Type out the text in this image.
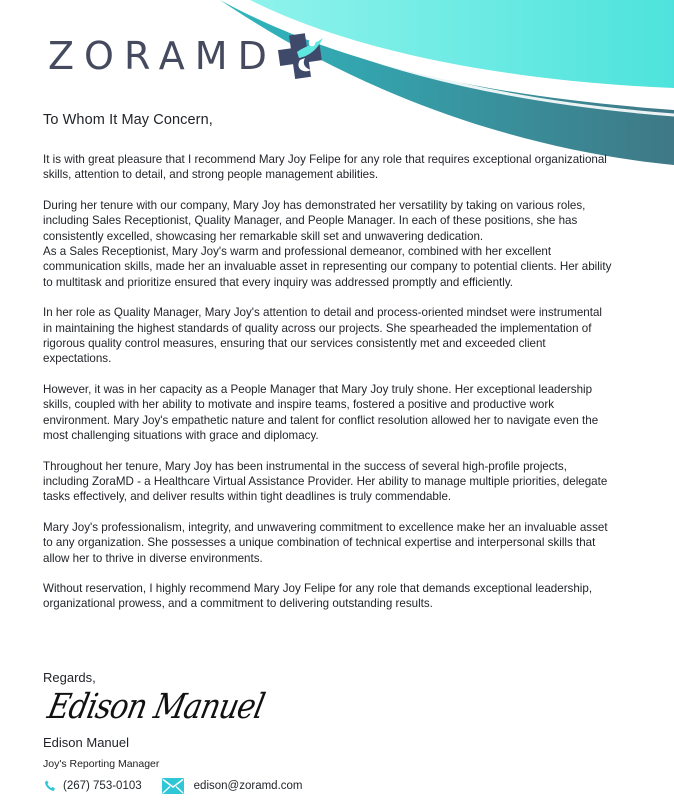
ZORAMD

To Whom It May Concern,

It is with great pleasure that I recommend Mary Joy Felipe for any role that requires exceptional organizational skills, attention to detail, and strong people management abilities.

During her tenure with our company, Mary Joy has demonstrated her versatility by taking on various roles, including Sales Receptionist, Quality Manager, and People Manager. In each of these positions, she has consistently excelled, showcasing her remarkable skill set and unwavering dedication.

As a Sales Receptionist, Mary Joy's warm and professional demeanor, combined with her excellent communication skills, made her an invaluable asset in representing our company to potential clients. Her ability to multitask and prioritize ensured that every inquiry was addressed promptly and efficiently.

In her role as Quality Manager, Mary Joy's attention to detail and process-oriented mindset were instrumental in maintaining the highest standards of quality across our projects. She spearheaded the implementation of rigorous quality control measures, ensuring that our services consistently met and exceeded client expectations.

However, it was in her capacity as a People Manager that Mary Joy truly shone. Her exceptional leadership skills, coupled with her ability to motivate and inspire teams, fostered a positive and productive work environment. Mary Joy's empathetic nature and talent for conflict resolution allowed her to navigate even the most challenging situations with grace and diplomacy.

Throughout her tenure, Mary Joy has been instrumental in the success of several high-profile projects, including ZoraMD - a Healthcare Virtual Assistance Provider. Her ability to manage multiple priorities, delegate tasks effectively, and deliver results within tight deadlines is truly commendable.

Mary Joy's professionalism, integrity, and unwavering commitment to excellence make her an invaluable asset to any organization. She possesses a unique combination of technical expertise and interpersonal skills that allow her to thrive in diverse environments.

Without reservation, I highly recommend Mary Joy Felipe for any role that demands exceptional leadership, organizational prowess, and a commitment to delivering outstanding results.

Regards,

Edison Manuel

Edison Manuel

Joy's Reporting Manager

(267) 753-0103	edison@zoramd.com
